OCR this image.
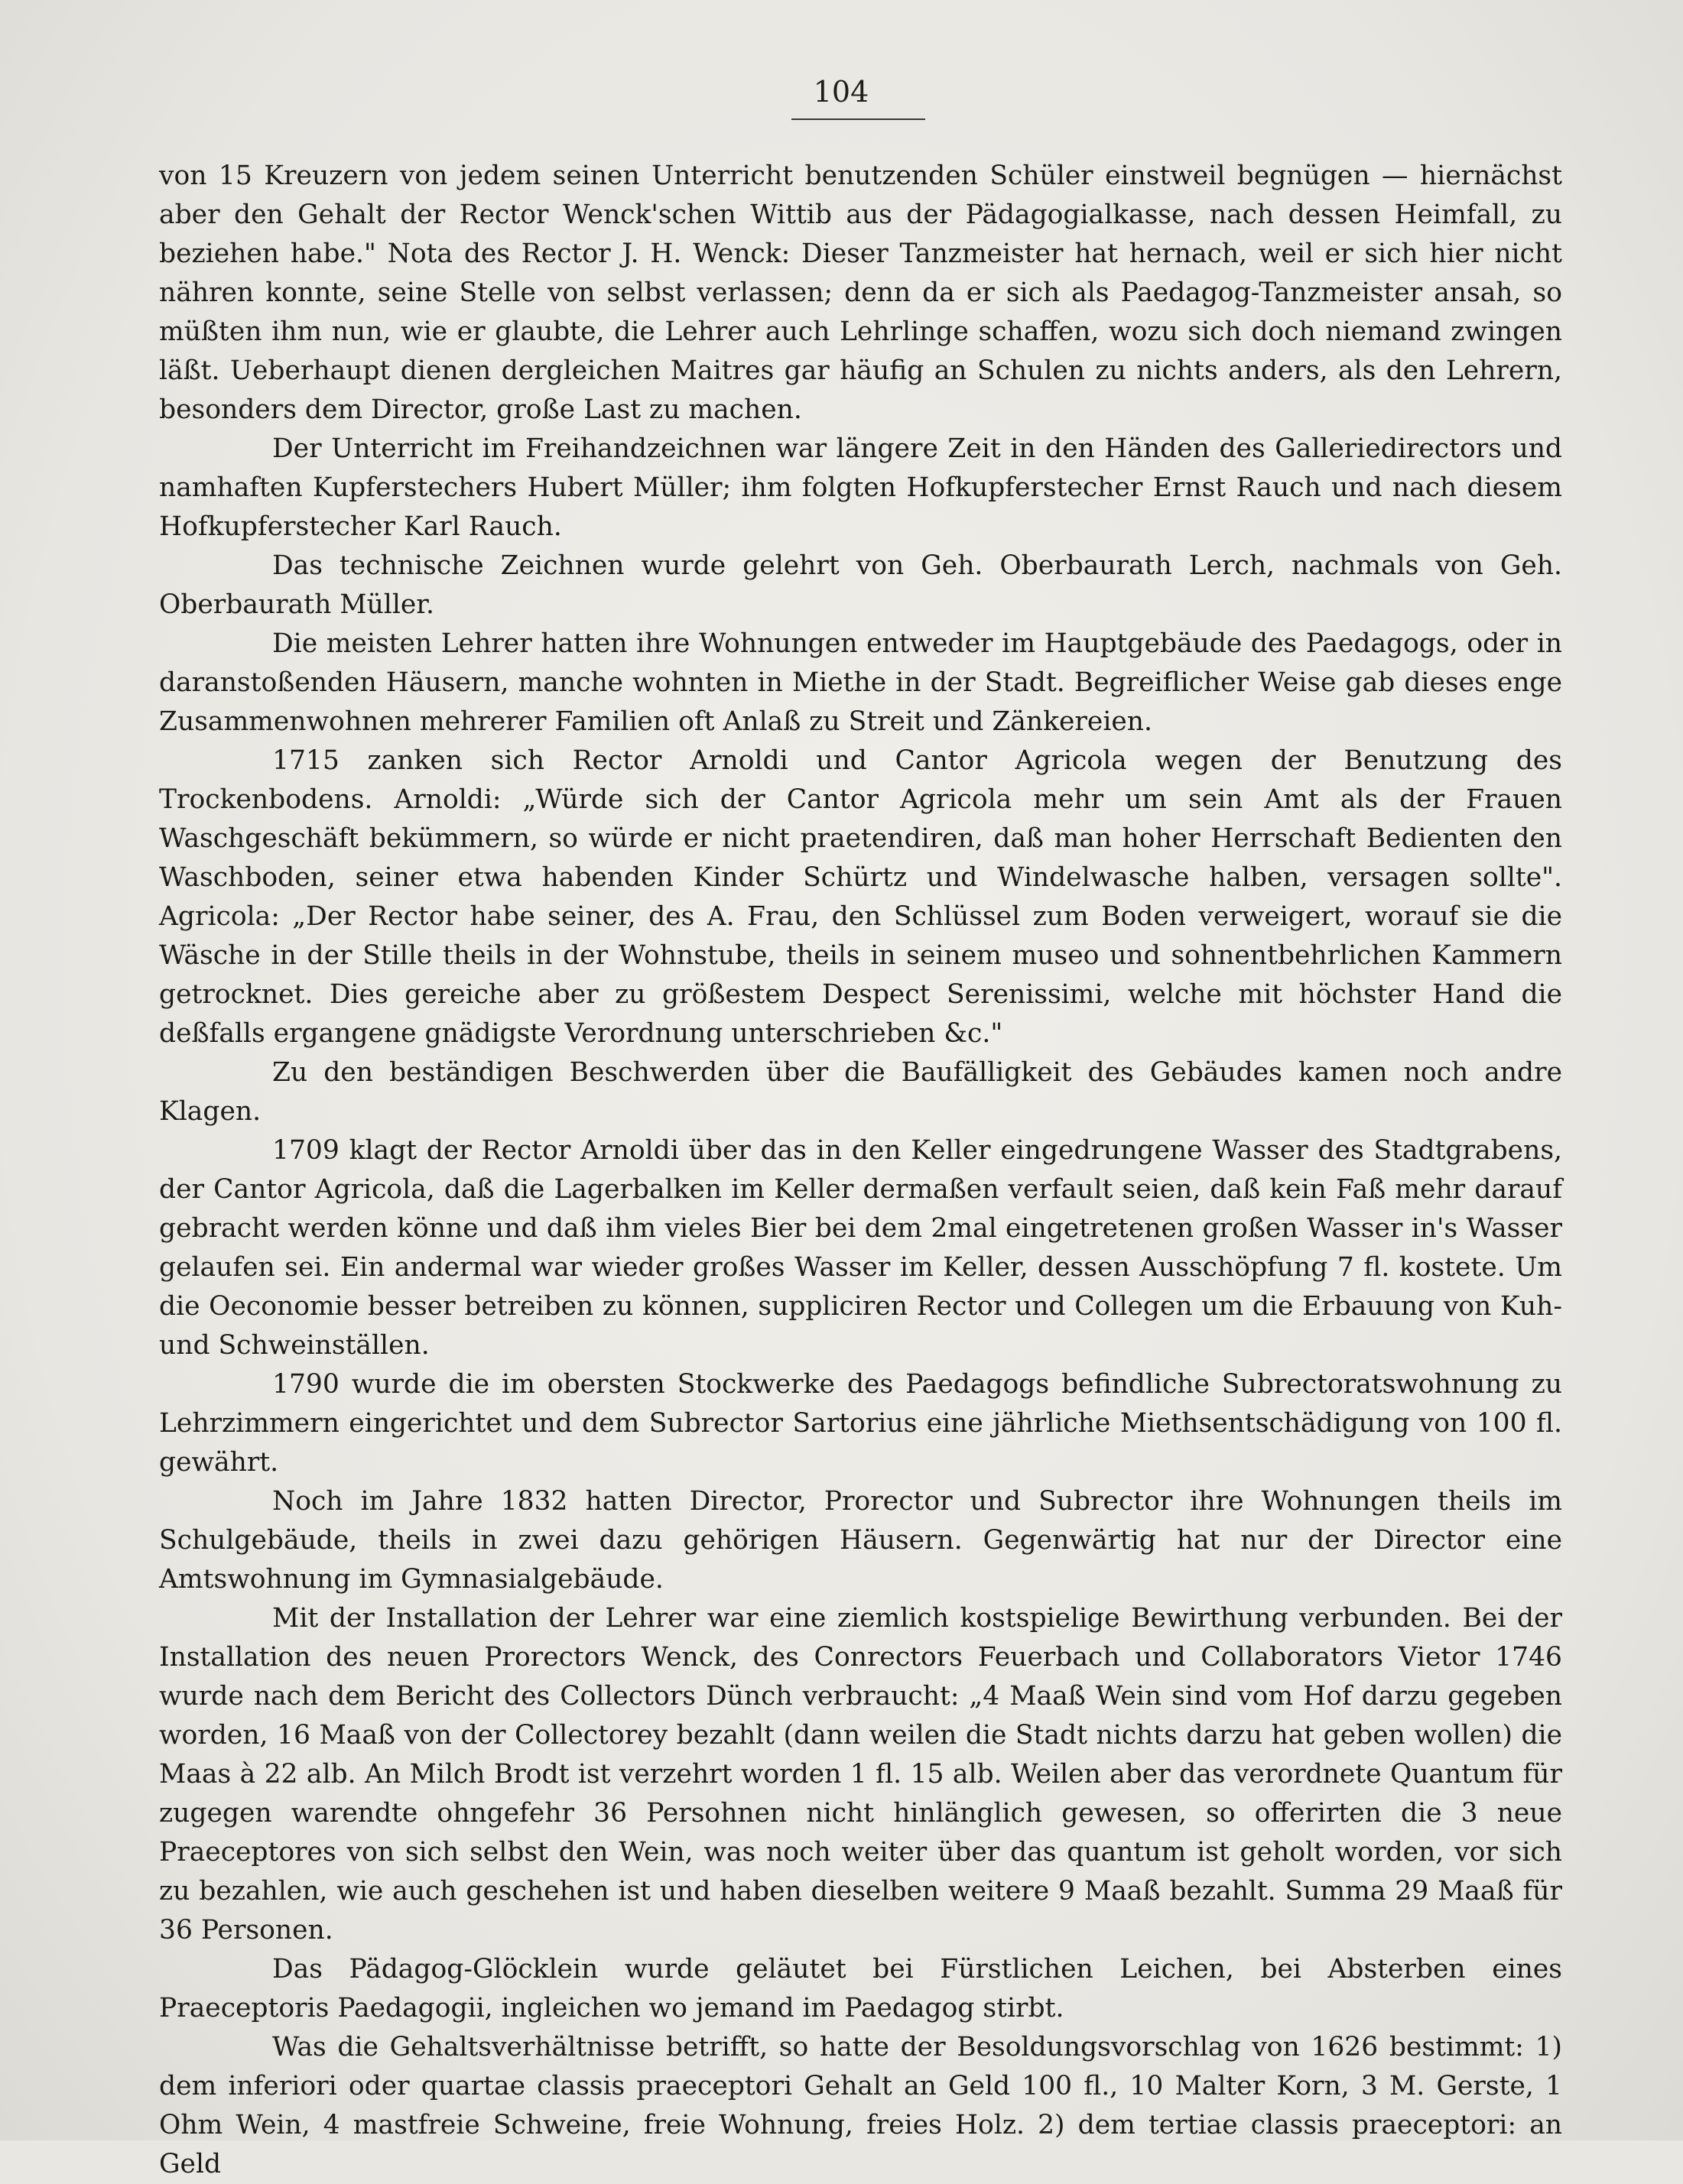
104

von 15 Kreuzern von jedem seinen Unterricht benutzenden Schüler einstweil begnügen — hiernächst aber den Gehalt der Rector Wenck'schen Wittib aus der Pädagogialkasse, nach dessen Heimfall, zu beziehen habe." Nota des Rector J. H. Wenck: Dieser Tanzmeister hat hernach, weil er sich hier nicht nähren konnte, seine Stelle von selbst verlassen; denn da er sich als Paedagog-Tanzmeister ansah, so müßten ihm nun, wie er glaubte, die Lehrer auch Lehrlinge schaffen, wozu sich doch niemand zwingen läßt. Ueberhaupt dienen dergleichen Maitres gar häufig an Schulen zu nichts anders, als den Lehrern, besonders dem Director, große Last zu machen.

Der Unterricht im Freihandzeichnen war längere Zeit in den Händen des Galleriedirectors und namhaften Kupferstechers Hubert Müller; ihm folgten Hofkupferstecher Ernst Rauch und nach diesem Hofkupferstecher Karl Rauch.

Das technische Zeichnen wurde gelehrt von Geh. Oberbaurath Lerch, nachmals von Geh. Oberbaurath Müller.

Die meisten Lehrer hatten ihre Wohnungen entweder im Hauptgebäude des Paedagogs, oder in daranstoßenden Häusern, manche wohnten in Miethe in der Stadt. Begreiflicher Weise gab dieses enge Zusammenwohnen mehrerer Familien oft Anlaß zu Streit und Zänkereien.

1715 zanken sich Rector Arnoldi und Cantor Agricola wegen der Benutzung des Trockenbodens. Arnoldi: „Würde sich der Cantor Agricola mehr um sein Amt als der Frauen Waschgeschäft bekümmern, so würde er nicht praetendiren, daß man hoher Herrschaft Bedienten den Waschboden, seiner etwa habenden Kinder Schürtz und Windelwasche halben, versagen sollte". Agricola: „Der Rector habe seiner, des A. Frau, den Schlüssel zum Boden verweigert, worauf sie die Wäsche in der Stille theils in der Wohnstube, theils in seinem museo und sohnentbehrlichen Kammern getrocknet. Dies gereiche aber zu größestem Despect Serenissimi, welche mit höchster Hand die deßfalls ergangene gnädigste Verordnung unterschrieben &c."

Zu den beständigen Beschwerden über die Baufälligkeit des Gebäudes kamen noch andre Klagen.

1709 klagt der Rector Arnoldi über das in den Keller eingedrungene Wasser des Stadtgrabens, der Cantor Agricola, daß die Lagerbalken im Keller dermaßen verfault seien, daß kein Faß mehr darauf gebracht werden könne und daß ihm vieles Bier bei dem 2mal eingetretenen großen Wasser in's Wasser gelaufen sei. Ein andermal war wieder großes Wasser im Keller, dessen Ausschöpfung 7 fl. kostete. Um die Oeconomie besser betreiben zu können, suppliciren Rector und Collegen um die Erbauung von Kuh- und Schweinställen.

1790 wurde die im obersten Stockwerke des Paedagogs befindliche Subrectoratswohnung zu Lehrzimmern eingerichtet und dem Subrector Sartorius eine jährliche Miethsentschädigung von 100 fl. gewährt.

Noch im Jahre 1832 hatten Director, Prorector und Subrector ihre Wohnungen theils im Schulgebäude, theils in zwei dazu gehörigen Häusern. Gegenwärtig hat nur der Director eine Amtswohnung im Gymnasialgebäude.

Mit der Installation der Lehrer war eine ziemlich kostspielige Bewirthung verbunden. Bei der Installation des neuen Prorectors Wenck, des Conrectors Feuerbach und Collaborators Vietor 1746 wurde nach dem Bericht des Collectors Dünch verbraucht: „4 Maaß Wein sind vom Hof darzu gegeben worden, 16 Maaß von der Collectorey bezahlt (dann weilen die Stadt nichts darzu hat geben wollen) die Maas à 22 alb. An Milch Brodt ist verzehrt worden 1 fl. 15 alb. Weilen aber das verordnete Quantum für zugegen warendte ohngefehr 36 Persohnen nicht hinlänglich gewesen, so offerirten die 3 neue Praeceptores von sich selbst den Wein, was noch weiter über das quantum ist geholt worden, vor sich zu bezahlen, wie auch geschehen ist und haben dieselben weitere 9 Maaß bezahlt. Summa 29 Maaß für 36 Personen.

Das Pädagog-Glöcklein wurde geläutet bei Fürstlichen Leichen, bei Absterben eines Praeceptoris Paedagogii, ingleichen wo jemand im Paedagog stirbt.

Was die Gehaltsverhältnisse betrifft, so hatte der Besoldungsvorschlag von 1626 bestimmt: 1) dem inferiori oder quartae classis praeceptori Gehalt an Geld 100 fl., 10 Malter Korn, 3 M. Gerste, 1 Ohm Wein, 4 mastfreie Schweine, freie Wohnung, freies Holz. 2) dem tertiae classis praeceptori: an Geld
